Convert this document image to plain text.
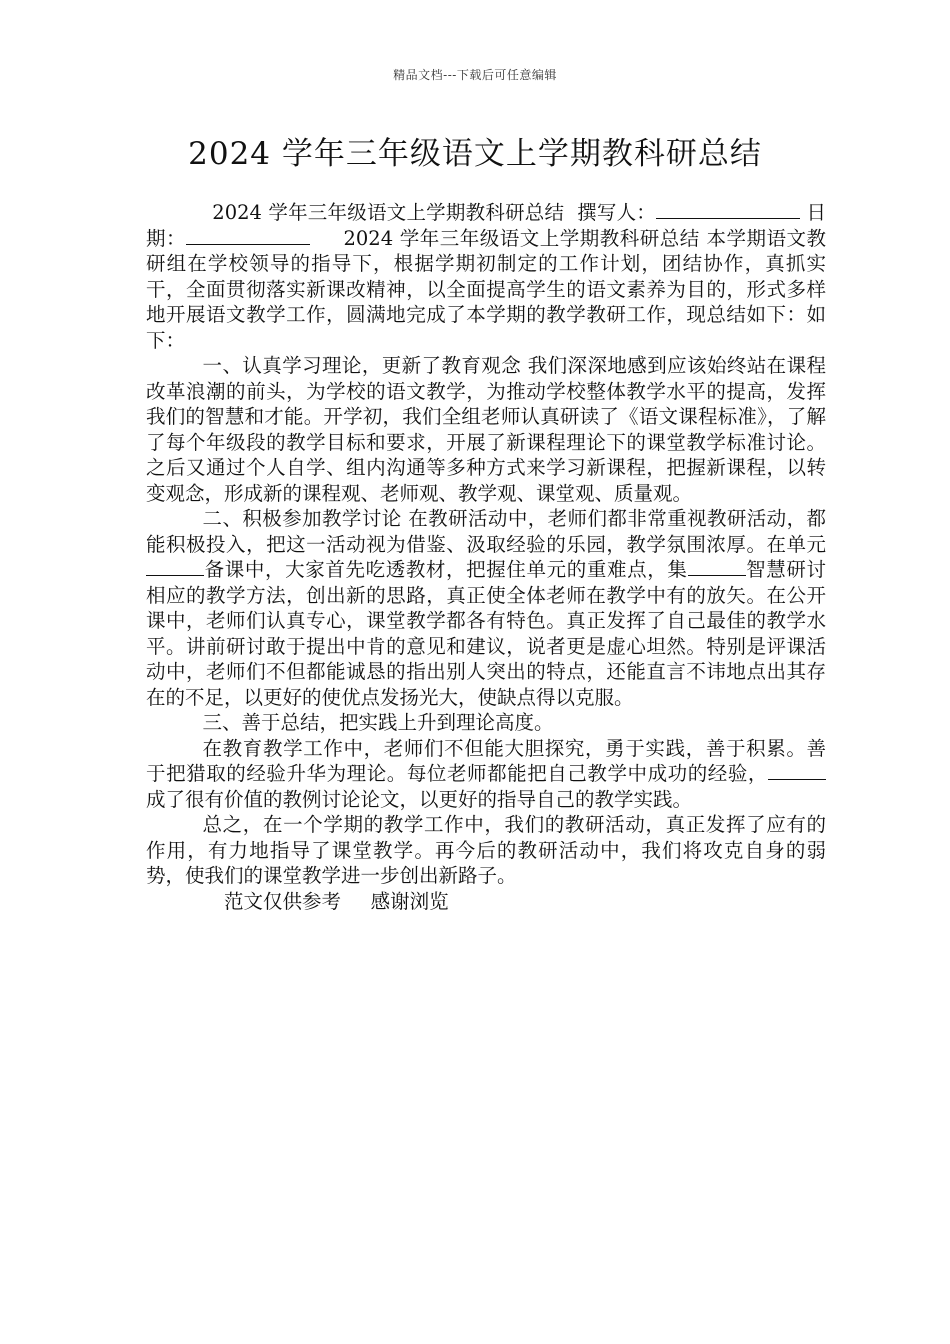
精品文档---下载后可任意编辑
2024 学年三年级语文上学期教科研总结

2024 学年三年级语文上学期教科研总结 撰写人：	日 期：	2024 学年三年级语文上学期教科研总结 本学期语文教研组在学校领导的指导下，根据学期初制定的工作计划，团结协作，真抓实干，全面贯彻落实新课改精神，以全面提高学生的语文素养为目的，形式多样地开展语文教学工作，圆满地完成了本学期的教学教研工作，现总结如下：如下：

一、认真学习理论，更新了教育观念 我们深深地感到应该始终站在课程改革浪潮的前头，为学校的语文教学，为推动学校整体教学水平的提高，发挥我们的智慧和才能。开学初，我们全组老师认真研读了《语文课程标准》，了解了每个年级段的教学目标和要求，开展了新课程理论下的课堂教学标准讨论。之后又通过个人自学、组内沟通等多种方式来学习新课程，把握新课程，以转变观念，形成新的课程观、老师观、教学观、课堂观、质量观。

二、积极参加教学讨论 在教研活动中，老师们都非常重视教研活动，都能积极投入，把这一活动视为借鉴、汲取经验的乐园，教学氛围浓厚。在单元备课中，大家首先吃透教材，把握住单元的重难点，集	智慧研讨相应的教学方法，创出新的思路，真正使全体老师在教学中有的放矢。在公开课中，老师们认真专心，课堂教学都各有特色。真正发挥了自己最佳的教学水平。讲前研讨敢于提出中肯的意见和建议，说者更是虚心坦然。特别是评课活动中，老师们不但都能诚恳的指出别人突出的特点，还能直言不讳地点出其存在的不足，以更好的使优点发扬光大，使缺点得以克服。

三、善于总结，把实践上升到理论高度。

在教育教学工作中，老师们不但能大胆探究，勇于实践，善于积累。善于把猎取的经验升华为理论。每位老师都能把自己教学中成功的经验，成了很有价值的教例讨论论文，以更好的指导自己的教学实践。

总之，在一个学期的教学工作中，我们的教研活动，真正发挥了应有的作用，有力地指导了课堂教学。再今后的教研活动中，我们将攻克自身的弱势，使我们的课堂教学进一步创出新路子。

范文仅供参考 感谢浏览
